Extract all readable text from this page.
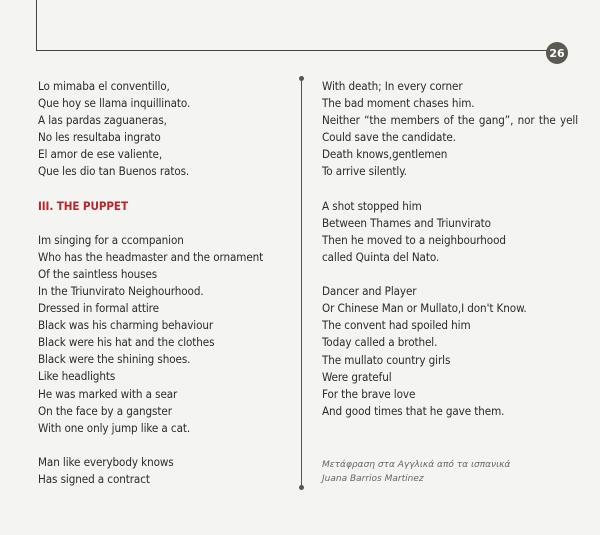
26
Lo mimaba el conventillo,
Que hoy se llama inquillinato.
A las pardas zaguaneras,
No les resultaba ingrato
El amor de ese valiente,
Que les dio tan Buenos ratos.
III. THE PUPPET
Im singing for a ccompanion
Who has the headmaster and the ornament
Of the saintless houses
In the Triunvirato Neighourhood.
Dressed in formal attire
Black was his charming behaviour
Black were his hat and the clothes
Black were the shining shoes.
Like headlights
He was marked with a sear
On the face by a gangster
With one only jump like a cat.
Man like everybody knows
Has signed a contract
With death; In every corner
The bad moment chases him.
Neither “the members of the gang”, nor the yell
Could save the candidate.
Death knows,gentlemen
To arrive silently.
A shot stopped him
Between Thames and Triunvirato
Then he moved to a neighbourhood
called Quinta del Nato.
Dancer and Player
Or Chinese Man or Mullato,I don't Know.
The convent had spoiled him
Today called a brothel.
The mullato country girls
Were grateful
For the brave love
And good times that he gave them.
Μετάφραση στα Αγγλικά από τα ισπανικά
Juana Barrios Martinez
